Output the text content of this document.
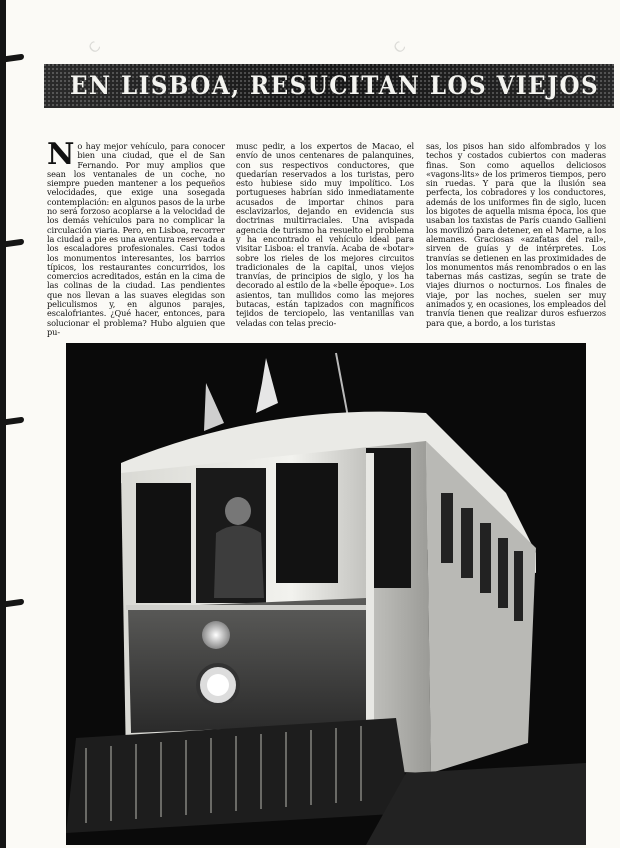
EN LISBOA, RESUCITAN LOS VIEJOS
N o hay mejor vehículo, para conocer bien una ciudad, que el de San Fernando. Por muy amplios que sean los ventanales de un coche, no siempre pueden mantener a los pequeños velocidades, que exige una sosegada contemplación: en algunos pasos de la urbe no será forzoso acoplarse a la velocidad de los demás vehículos para no complicar la circulación viaria. Pero, en Lisboa, recorrer la ciudad a pie es una aventura reservada a los escaladores profesionales. Casi todos los monumentos interesantes, los barrios típicos, los restaurantes concurridos, los comercios acreditados, están en la cima de las colinas de la ciudad. Las pendientes que nos llevan a las suaves elegidas son peliculismos y, en algunos parajes, escalofriantes. ¿Qué hacer, entonces, para solucionar el problema? Hubo alguien que pu-
musc pedir, a los expertos de Macao, el envío de unos centenares de palanquines, con sus respectivos conductores, que quedarían reservados a los turistas, pero esto hubiese sido muy impolítico. Los portugueses habrían sido inmediatamente acusados de importar chinos para esclavizarlos, dejando en evidencia sus doctrinas multirraciales. Una avispada agencia de turismo ha resuelto el problema y ha encontrado el vehículo ideal para visitar Lisboa: el tranvía. Acaba de «botar» sobre los rieles de los mejores circuitos tradicionales de la capital, unos viejos tranvías, de principios de siglo, y los ha decorado al estilo de la «belle époque». Los asientos, tan mullidos como las mejores butacas, están tapizados con magníficos tejidos de terciopelo, las ventanillas van veladas con telas precio-
sas, los pisos han sido alfombrados y los techos y costados cubiertos con maderas finas. Son como aquellos deliciosos «vagons-lits» de los primeros tiempos, pero sin ruedas. Y para que la ilusión sea perfecta, los cobradores y los conductores, además de los uniformes fin de siglo, lucen los bigotes de aquella misma época, los que usaban los taxistas de París cuando Gallieni los movilizó para detener, en el Marne, a los alemanes. Graciosas «azafatas del rail», sirven de guías y de intérpretes. Los tranvías se detienen en las proximidades de los monumentos más renombrados o en las tabernas más castizas, según se trate de viajes diurnos o nocturnos. Los finales de viaje, por las noches, suelen ser muy animados y, en ocasiones, los empleados del tranvía tienen que realizar duros esfuerzos para que, a bordo, a los turistas
C	C
